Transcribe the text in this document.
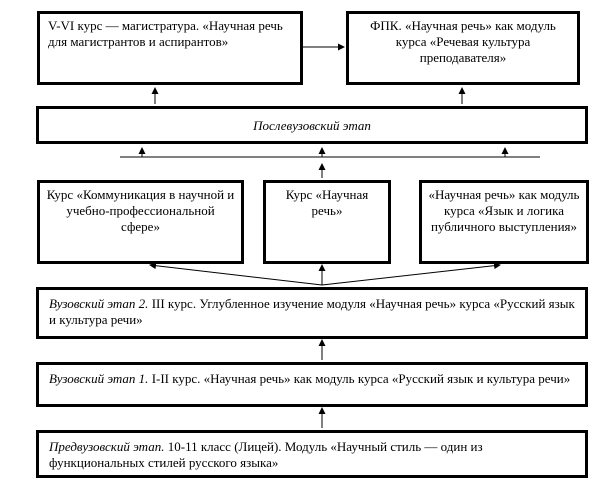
V-VI курс — магистратура. «Научная речь для магистрантов и аспирантов»
ФПК. «Научная речь» как модуль курса «Речевая культура преподавателя»
Послевузовский этап
Курс «Коммуникация в научной и учебно-профессиональной сфере»
Курс «Научная речь»
«Научная речь» как модуль курса «Язык и логика публичного выступления»
Вузовский этап 2. III курс. Углубленное изучение модуля «Научная речь» курса «Русский язык и культура речи»
Вузовский этап 1. I-II курс. «Научная речь» как модуль курса «Русский язык и культура речи»
Предвузовский этап. 10-11 класс (Лицей). Модуль «Научный стиль — один из функциональных стилей русского языка»
